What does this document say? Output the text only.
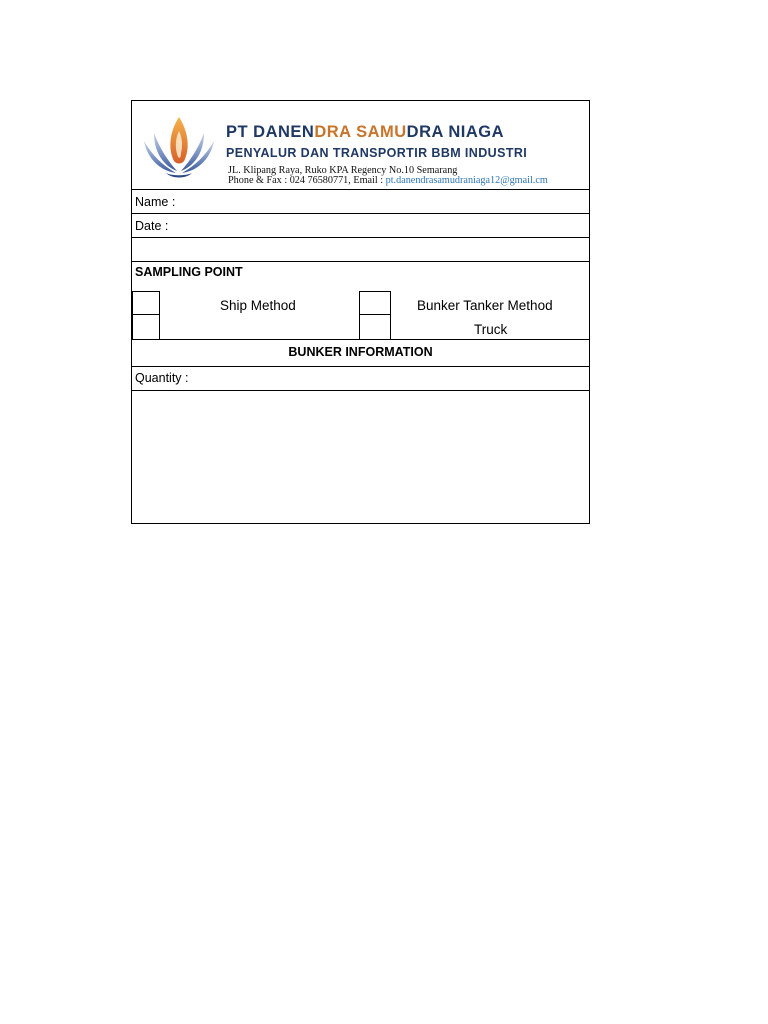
PT DANENDRA SAMUDRA NIAGA
PENYALUR DAN TRANSPORTIR BBM INDUSTRI
JL. Klipang Raya, Ruko KPA Regency No.10 Semarang
Phone & Fax : 024 76580771, Email : pt.danendrasamudraniaga12@gmail.cm
Name :
Date :
SAMPLING POINT
Ship Method	Bunker Tanker Method
Truck
BUNKER INFORMATION
Quantity :
